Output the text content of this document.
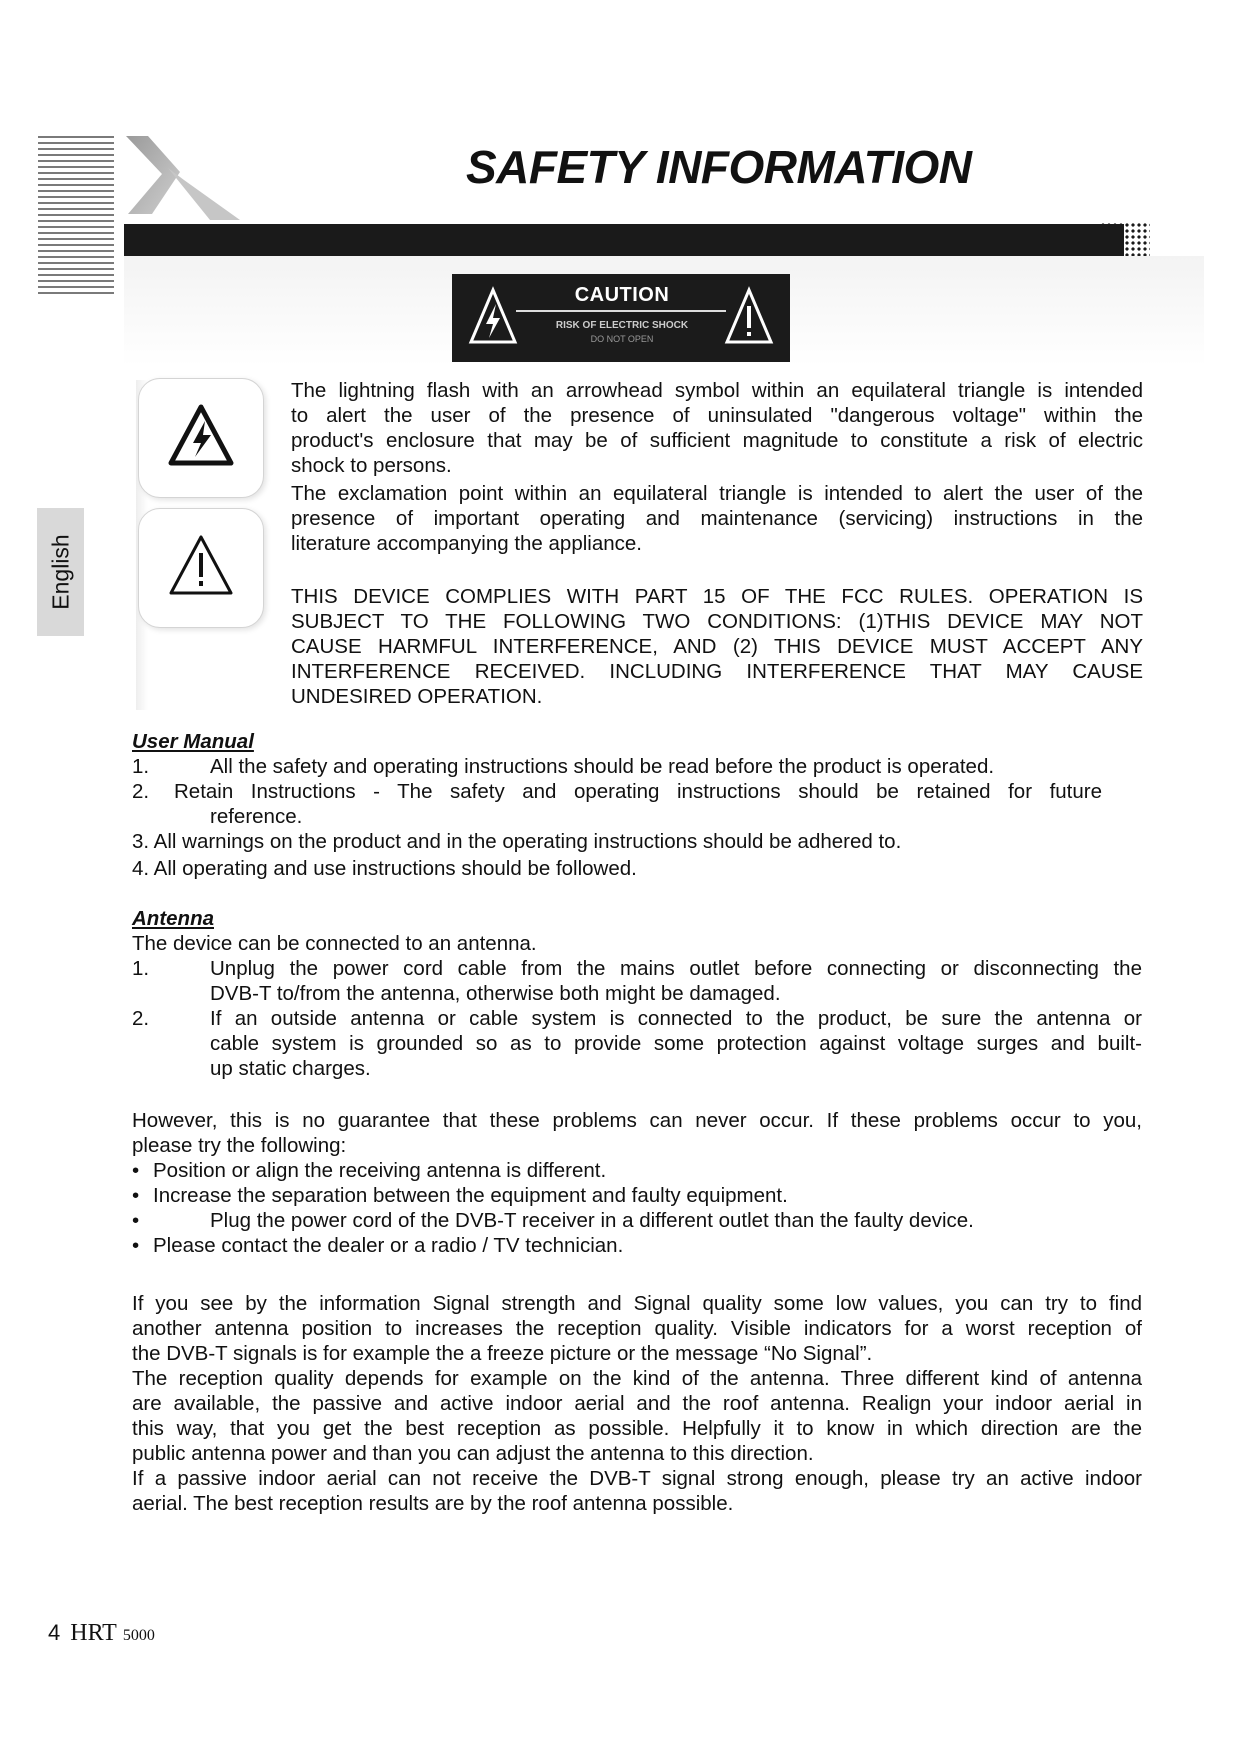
SAFETY INFORMATION
CAUTION
RISK OF ELECTRIC SHOCK
DO NOT OPEN
English
The lightning flash with an arrowhead symbol within an equilateral triangle is intended
to alert the user of the presence of uninsulated "dangerous voltage" within the
product's enclosure that may be of sufficient magnitude to constitute a risk of electric
shock to persons.
The exclamation point within an equilateral triangle is intended to alert the user of the
presence of important operating and maintenance (servicing) instructions in the
literature accompanying the appliance.
THIS DEVICE COMPLIES WITH PART 15 OF THE FCC RULES. OPERATION IS
SUBJECT TO THE FOLLOWING TWO CONDITIONS: (1)THIS DEVICE MAY NOT
CAUSE HARMFUL INTERFERENCE, AND (2) THIS DEVICE MUST ACCEPT ANY
INTERFERENCE RECEIVED. INCLUDING INTERFERENCE THAT MAY CAUSE
UNDESIRED OPERATION.
User Manual
1.	All the safety and operating instructions should be read before the product is operated.
2.	Retain Instructions - The safety and operating instructions should be retained for future
reference.
3. All warnings on the product and in the operating instructions should be adhered to.
4. All operating and use instructions should be followed.
Antenna
The device can be connected to an antenna.
1.	Unplug the power cord cable from the mains outlet before connecting or disconnecting the
DVB-T to/from the antenna, otherwise both might be damaged.
2.	If an outside antenna or cable system is connected to the product, be sure the antenna or
cable system is grounded so as to provide some protection against voltage surges and built-
up static charges.
However, this is no guarantee that these problems can never occur. If these problems occur to you,
please try the following:
• Position or align the receiving antenna is different.
• Increase the separation between the equipment and faulty equipment.
•	Plug the power cord of the DVB-T receiver in a different outlet than the faulty device.
• Please contact the dealer or a radio / TV technician.
If you see by the information Signal strength and Signal quality some low values, you can try to find
another antenna position to increases the reception quality. Visible indicators for a worst reception of
the DVB-T signals is for example the a freeze picture or the message “No Signal”.
The reception quality depends for example on the kind of the antenna. Three different kind of antenna
are available, the passive and active indoor aerial and the roof antenna. Realign your indoor aerial in
this way, that you get the best reception as possible. Helpfully it to know in which direction are the
public antenna power and than you can adjust the antenna to this direction.
If a passive indoor aerial can not receive the DVB-T signal strong enough, please try an active indoor
aerial. The best reception results are by the roof antenna possible.
4 HRT 5000
